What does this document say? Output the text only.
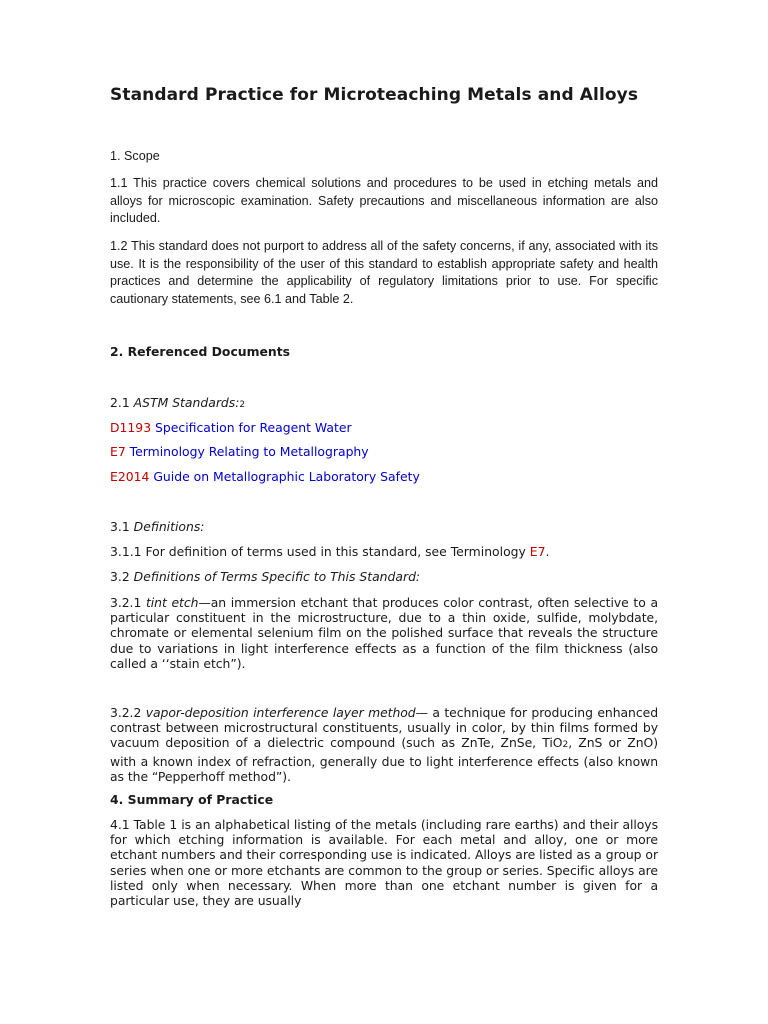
Standard Practice for Microteaching Metals and Alloys
1. Scope
1.1 This practice covers chemical solutions and procedures to be used in etching metals and alloys for microscopic examination. Safety precautions and miscellaneous information are also included.
1.2 This standard does not purport to address all of the safety concerns, if any, associated with its use. It is the responsibility of the user of this standard to establish appropriate safety and health practices and determine the applicability of regulatory limitations prior to use. For specific cautionary statements, see 6.1 and Table 2.
2. Referenced Documents
2.1 ASTM Standards:2
D1193 Specification for Reagent Water
E7 Terminology Relating to Metallography
E2014 Guide on Metallographic Laboratory Safety
3.1 Definitions:
3.1.1 For definition of terms used in this standard, see Terminology E7.
3.2 Definitions of Terms Specific to This Standard:
3.2.1 tint etch—an immersion etchant that produces color contrast, often selective to a particular constituent in the microstructure, due to a thin oxide, sulfide, molybdate, chromate or elemental selenium film on the polished surface that reveals the structure due to variations in light interference effects as a function of the film thickness (also called a ‘‘stain etch”).
3.2.2 vapor-deposition interference layer method— a technique for producing enhanced contrast between microstructural constituents, usually in color, by thin films formed by vacuum deposition of a dielectric compound (such as ZnTe, ZnSe, TiO2, ZnS or ZnO) with a known index of refraction, generally due to light interference effects (also known as the “Pepperhoff method”).
4. Summary of Practice
4.1 Table 1 is an alphabetical listing of the metals (including rare earths) and their alloys for which etching information is available. For each metal and alloy, one or more etchant numbers and their corresponding use is indicated. Alloys are listed as a group or series when one or more etchants are common to the group or series. Specific alloys are listed only when necessary. When more than one etchant number is given for a particular use, they are usually
